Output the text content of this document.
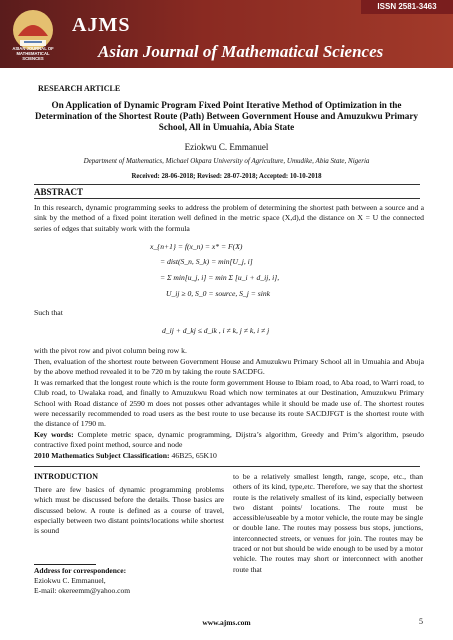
ISSN 2581-3463
ASIAN JOURNAL OF MATHEMATICAL SCIENCES
AJMS
Asian Journal of Mathematical Sciences
RESEARCH ARTICLE
On Application of Dynamic Program Fixed Point Iterative Method of Optimization in the Determination of the Shortest Route (Path) Between Government House and Amuzukwu Primary School, All in Umuahia, Abia State
Eziokwu C. Emmanuel
Department of Mathematics, Michael Okpara University of Agriculture, Umudike, Abia State, Nigeria
Received: 28-06-2018; Revised: 28-07-2018; Accepted: 10-10-2018
ABSTRACT
In this research, dynamic programming seeks to address the problem of determining the shortest path between a source and a sink by the method of a fixed point iteration well defined in the metric space (X,d),d the distance on X = U the connected series of edges that suitably work with the formula
x_{n+1} = f(x_n) = x* = F(X)
= dist(S_n, S_k) = min[U_j, i]
= Σ min[u_j, i] = min Σ [u_i + d_ij, i],
U_ij ≥ 0, S_0 = source, S_j = sink
Such that
d_ij + d_kj ≤ d_ik , i ≠ k, j ≠ k, i ≠ j
with the pivot row and pivot column being row k.
Then, evaluation of the shortest route between Government House and Amuzukwu Primary School all in Umuahia and Abuja by the above method revealed it to be 720 m by taking the route SACDFG.
It was remarked that the longest route which is the route form government House to Ibiam road, to Aba road, to Warri road, to Club road, to Uwalaka road, and finally to Amuzukwu Road which now terminates at our Destination, Amuzukwu Primary School with Road distance of 2590 m does not posses other advantages while it should be made use of. The shortest routes were necessarily recommended to road users as the best route to use because its route SACDJFGT is the shortest route with the distance of 1790 m.
Key words: Complete metric space, dynamic programming, Dijstra’s algorithm, Greedy and Prim’s algorithm, pseudo contractive fixed point method, source and node
2010 Mathematics Subject Classification: 46B25, 65K10
INTRODUCTION
There are few basics of dynamic programming problems which must be discussed before the details. Those basics are discussed below. A route is defined as a course of travel, especially between two distant points/locations while shortest is sound
to be a relatively smallest length, range, scope, etc., than others of its kind, type,etc. Therefore, we say that the shortest route is the relatively smallest of its kind, especially between two distant points/ locations. The route must be accessible/useable by a motor vehicle, the route may be single or double lane. The routes may possess bus stops, junctions, interconnected streets, or venues for join. The routes may be traced or not but should be wide enough to be used by a motor vehicle. The routes may short or interconnect with another route that
Address for correspondence:
Eziokwu C. Emmanuel,
E-mail: okereemm@yahoo.com
www.ajms.com	5
